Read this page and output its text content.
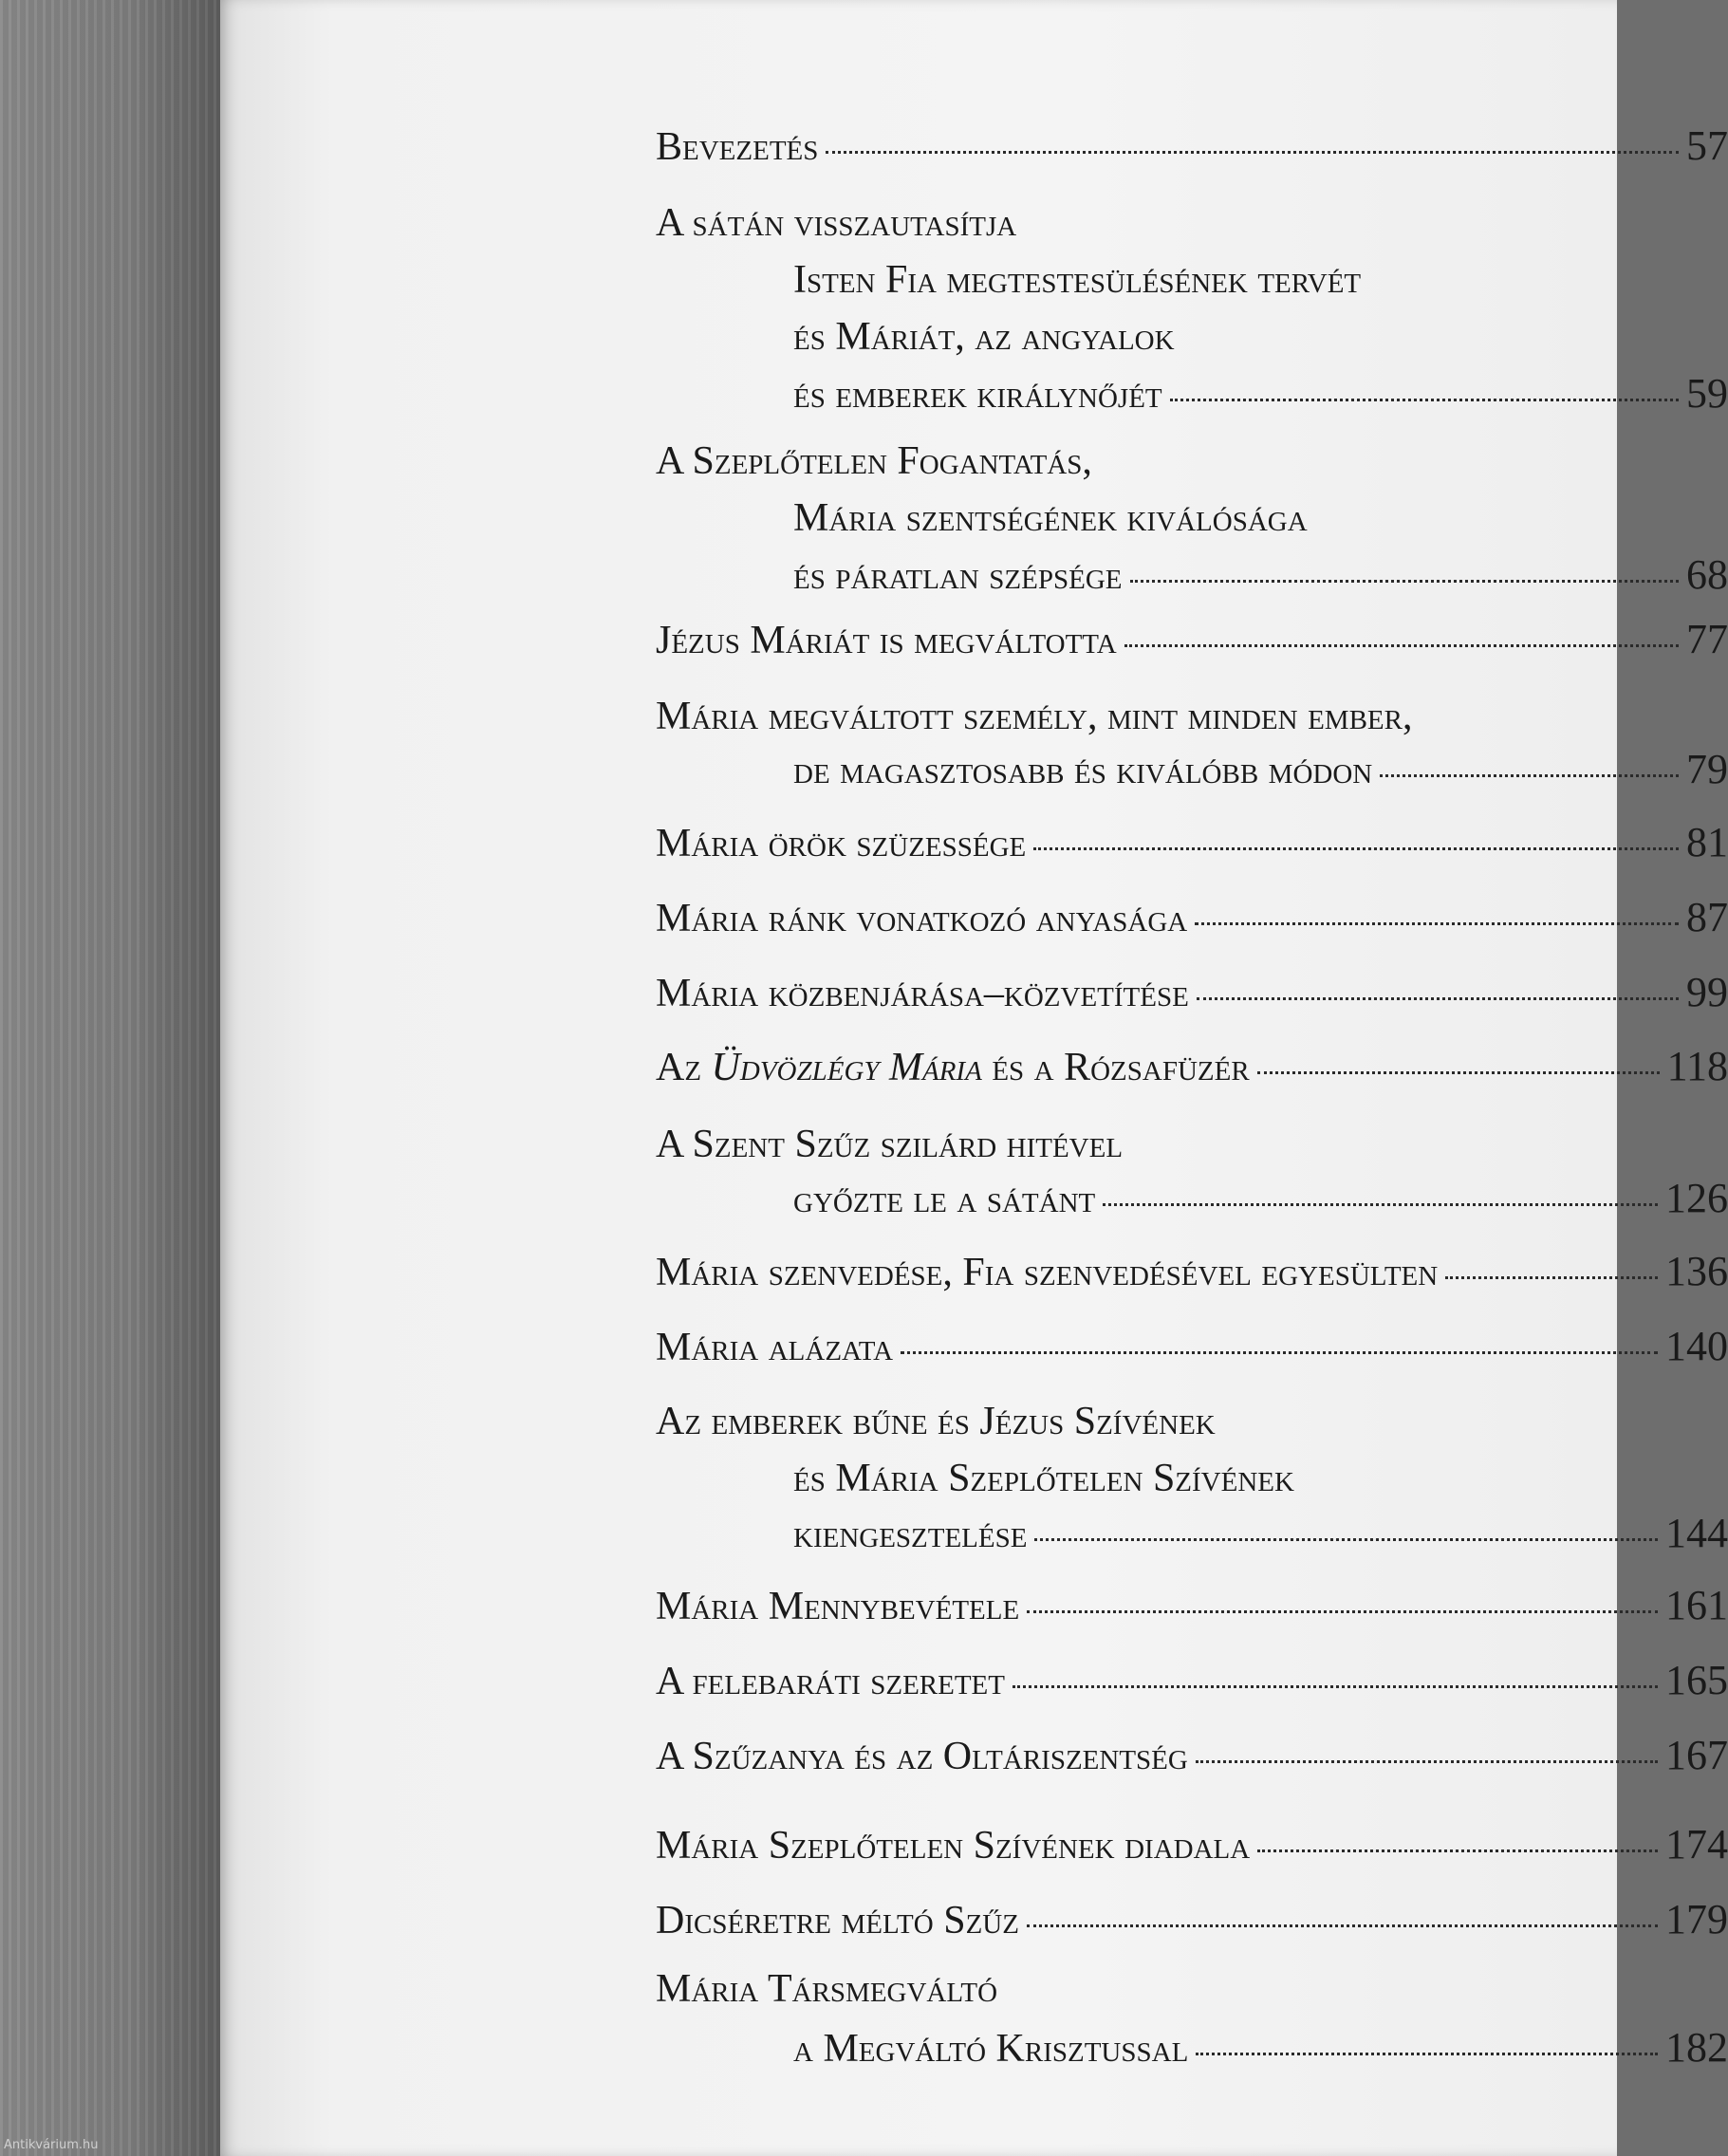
Antikvárium.hu
Bevezetés	57
A sátán visszautasítja
Isten Fia megtestesülésének tervét
és Máriát, az angyalok
és emberek királynőjét	59
A Szeplőtelen Fogantatás,
Mária szentségének kiválósága
és páratlan szépsége	68
Jézus Máriát is megváltotta	77
Mária megváltott személy, mint minden ember,
de magasztosabb és kiválóbb módon	79
Mária örök szüzessége	81
Mária ránk vonatkozó anyasága	87
Mária közbenjárása–közvetítése	99
Az Üdvözlégy Mária és a Rózsafüzér	118
A Szent Szűz szilárd hitével
győzte le a sátánt	126
Mária szenvedése, Fia szenvedésével egyesülten	136
Mária alázata	140
Az emberek bűne és Jézus Szívének
és Mária Szeplőtelen Szívének
kiengesztelése	144
Mária Mennybevétele	161
A felebaráti szeretet	165
A Szűzanya és az Oltáriszentség	167
Mária Szeplőtelen Szívének diadala	174
Dicséretre méltó Szűz	179
Mária Társmegváltó
a Megváltó Krisztussal	182
